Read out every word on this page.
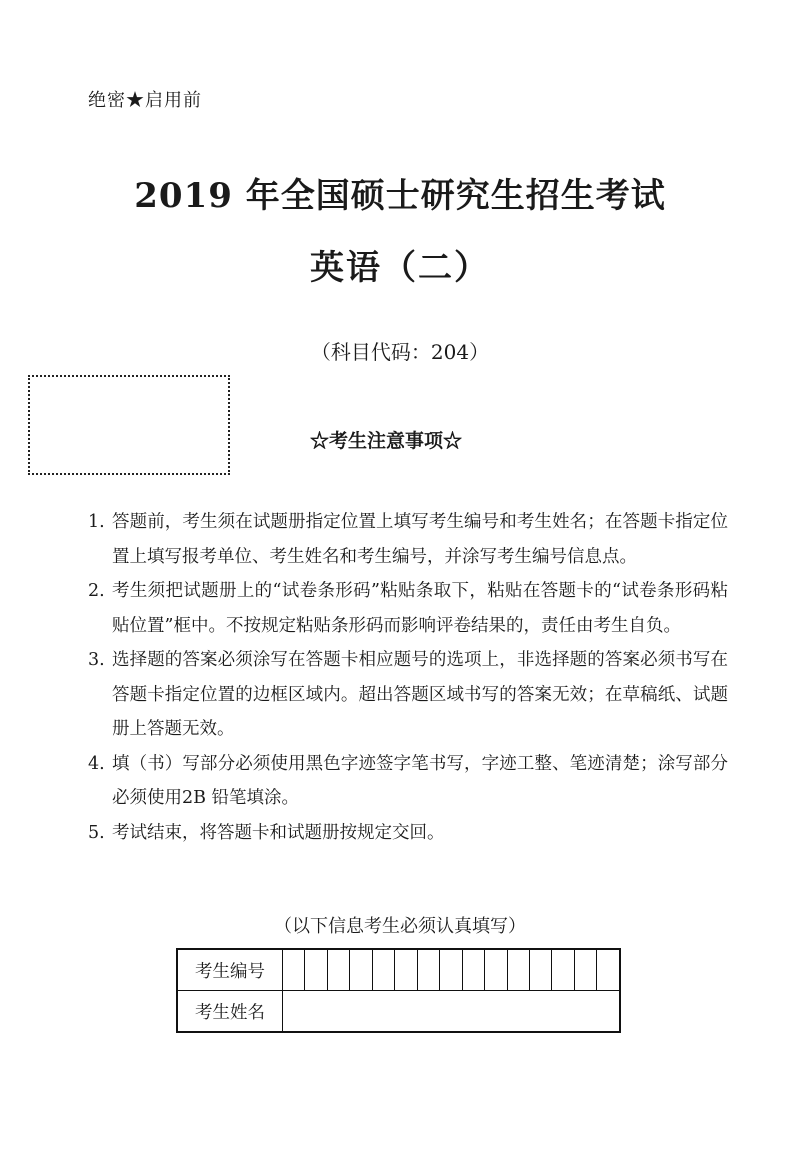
绝密★启用前
2019 年全国硕士研究生招生考试
英语（二）
（科目代码：204）
☆考生注意事项☆
1. 答题前，考生须在试题册指定位置上填写考生编号和考生姓名；在答题卡指定位置上填写报考单位、考生姓名和考生编号，并涂写考生编号信息点。
2. 考生须把试题册上的“试卷条形码”粘贴条取下，粘贴在答题卡的“试卷条形码粘贴位置”框中。不按规定粘贴条形码而影响评卷结果的，责任由考生自负。
3. 选择题的答案必须涂写在答题卡相应题号的选项上，非选择题的答案必须书写在答题卡指定位置的边框区域内。超出答题区域书写的答案无效；在草稿纸、试题册上答题无效。
4. 填（书）写部分必须使用黑色字迹签字笔书写，字迹工整、笔迹清楚；涂写部分必须使用2B 铅笔填涂。
5. 考试结束，将答题卡和试题册按规定交回。
（以下信息考生必须认真填写）
考生编号															
考生姓名															
